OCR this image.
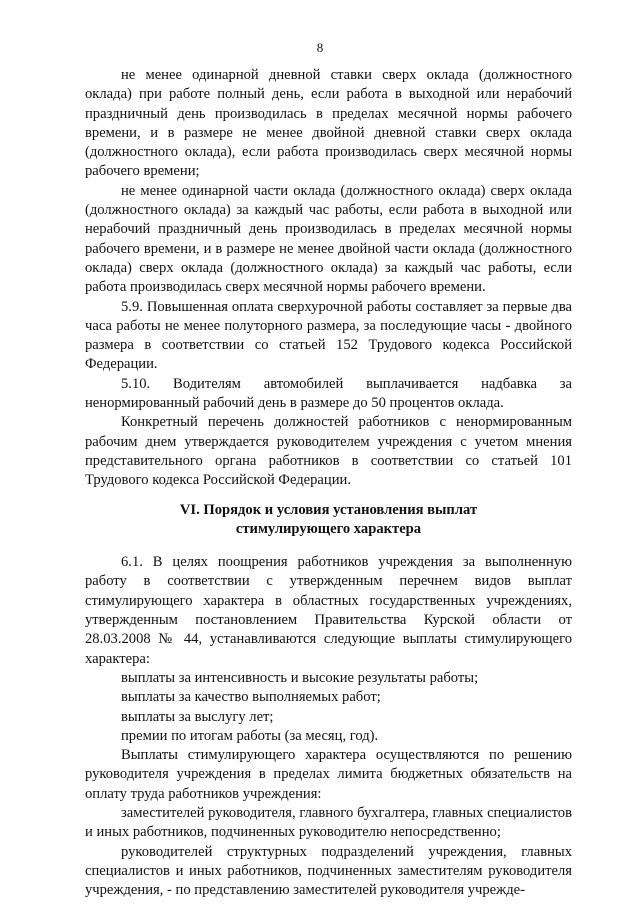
8

не менее одинарной дневной ставки сверх оклада (должностного оклада) при работе полный день, если работа в выходной или нерабочий праздничный день производилась в пределах месячной нормы рабочего времени, и в размере не менее двойной дневной ставки сверх оклада (должностного оклада), если работа производилась сверх месячной нормы рабочего времени;

не менее одинарной части оклада (должностного оклада) сверх оклада (должностного оклада) за каждый час работы, если работа в выходной или нерабочий праздничный день производилась в пределах месячной нормы рабочего времени, и в размере не менее двойной части оклада (должностного оклада) сверх оклада (должностного оклада) за каждый час работы, если работа производилась сверх месячной нормы рабочего времени.

5.9. Повышенная оплата сверхурочной работы составляет за первые два часа работы не менее полуторного размера, за последующие часы - двойного размера в соответствии со статьей 152 Трудового кодекса Российской Федерации.

5.10. Водителям автомобилей выплачивается надбавка за ненормированный рабочий день в размере до 50 процентов оклада.

Конкретный перечень должностей работников с ненормированным рабочим днем утверждается руководителем учреждения с учетом мнения представительного органа работников в соответствии со статьей 101 Трудового кодекса Российской Федерации.

VI. Порядок и условия установления выплат
стимулирующего характера

6.1. В целях поощрения работников учреждения за выполненную работу в соответствии с утвержденным перечнем видов выплат стимулирующего характера в областных государственных учреждениях, утвержденным постановлением Правительства Курской области от 28.03.2008 № 44, устанавливаются следующие выплаты стимулирующего характера:

выплаты за интенсивность и высокие результаты работы;

выплаты за качество выполняемых работ;

выплаты за выслугу лет;

премии по итогам работы (за месяц, год).

Выплаты стимулирующего характера осуществляются по решению руководителя учреждения в пределах лимита бюджетных обязательств на оплату труда работников учреждения:

заместителей руководителя, главного бухгалтера, главных специалистов и иных работников, подчиненных руководителю непосредственно;

руководителей структурных подразделений учреждения, главных специалистов и иных работников, подчиненных заместителям руководителя учреждения, - по представлению заместителей руководителя учрежде-
